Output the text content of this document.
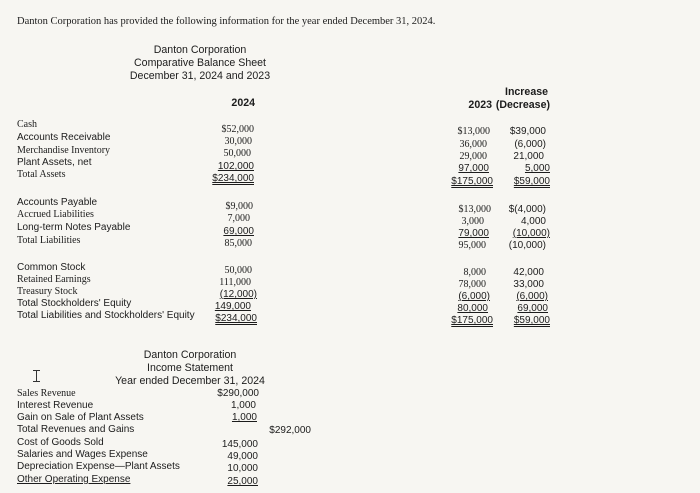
Danton Corporation has provided the following information for the year ended December 31, 2024.
Danton Corporation
Comparative Balance Sheet
December 31, 2024 and 2023
2024
Increase
2023 (Decrease)
Cash	$52,000	$13,000	$39,000
Accounts Receivable	30,000	36,000	(6,000)
Merchandise Inventory	50,000	29,000	21,000
Plant Assets, net	102,000	97,000	5,000
Total Assets	$234,000	$175,000	$59,000
Accounts Payable	$9,000	$13,000	$(4,000)
Accrued Liabilities	7,000	3,000	4,000
Long-term Notes Payable	69,000	79,000	(10,000)
Total Liabilities	85,000	95,000	(10,000)
Common Stock	50,000	8,000	42,000
Retained Earnings	111,000	78,000	33,000
Treasury Stock	(12,000)	(6,000)	(6,000)
Total Stockholders' Equity	149,000	80,000	69,000
Total Liabilities and Stockholders' Equity	$234,000	$175,000	$59,000
Danton Corporation
Income Statement
Year ended December 31, 2024
Sales Revenue	$290,000
Interest Revenue	1,000
Gain on Sale of Plant Assets	1,000
Total Revenues and Gains	$292,000
Cost of Goods Sold	145,000
Salaries and Wages Expense	49,000
Depreciation Expense—Plant Assets	10,000
Other Operating Expense	25,000
